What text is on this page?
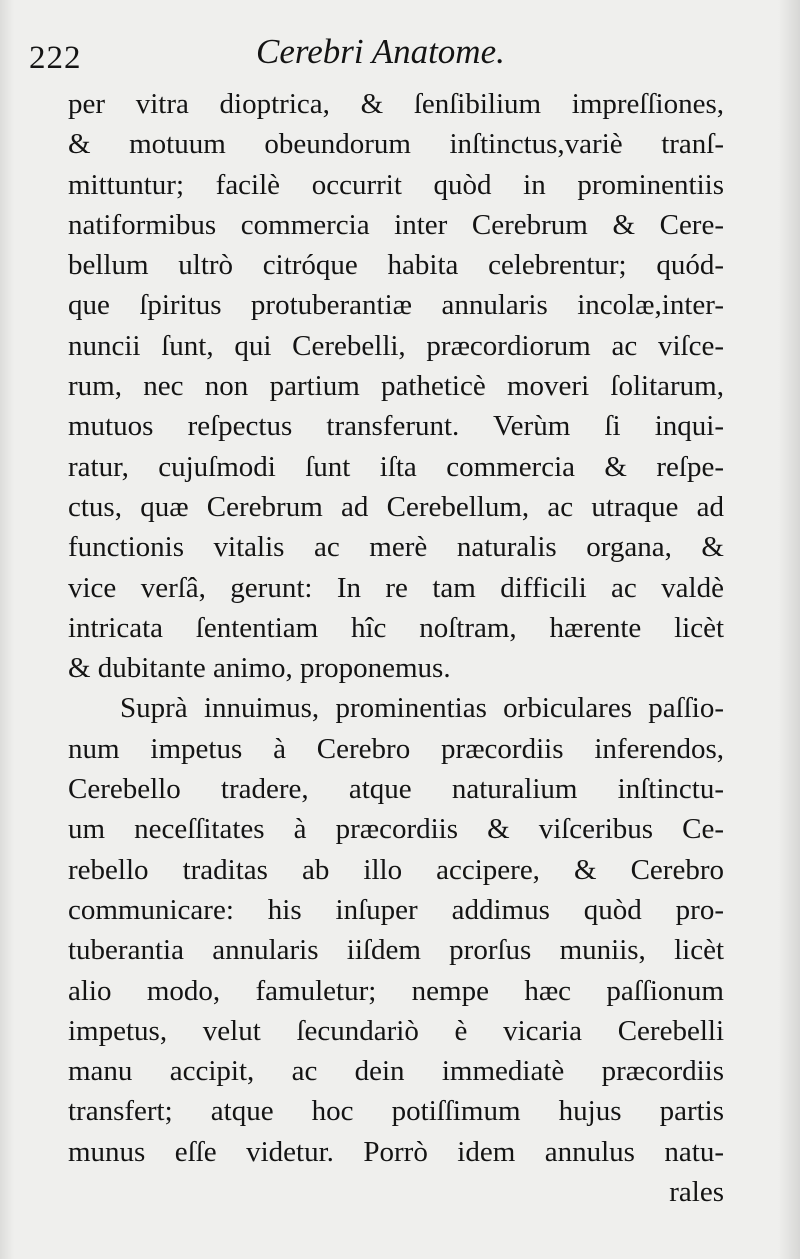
222	Cerebri Anatome.
per vitra dioptrica, & ſenſibilium impreſſiones,
& motuum obeundorum inſtinctus,variè tranſ-
mittuntur; facilè occurrit quòd in prominentiis
natiformibus commercia inter Cerebrum & Cere-
bellum ultrò citróque habita celebrentur; quód-
que ſpiritus protuberantiæ annularis incolæ,inter-
nuncii ſunt, qui Cerebelli, præcordiorum ac viſce-
rum, nec non partium patheticè moveri ſolitarum,
mutuos reſpectus transferunt. Verùm ſi inqui-
ratur, cujuſmodi ſunt iſta commercia & reſpe-
ctus, quæ Cerebrum ad Cerebellum, ac utraque ad
functionis vitalis ac merè naturalis organa, &
vice verſâ, gerunt: In re tam difficili ac valdè
intricata ſententiam hîc noſtram, hærente licèt
& dubitante animo, proponemus.
Suprà innuimus, prominentias orbiculares paſſio-
num impetus à Cerebro præcordiis inferendos,
Cerebello tradere, atque naturalium inſtinctu-
um neceſſitates à præcordiis & viſceribus Ce-
rebello traditas ab illo accipere, & Cerebro
communicare: his inſuper addimus quòd pro-
tuberantia annularis iiſdem prorſus muniis, licèt
alio modo, famuletur; nempe hæc paſſionum
impetus, velut ſecundariò è vicaria Cerebelli
manu accipit, ac dein immediatè præcordiis
transfert; atque hoc potiſſimum hujus partis
munus eſſe videtur. Porrò idem annulus natu-
rales
